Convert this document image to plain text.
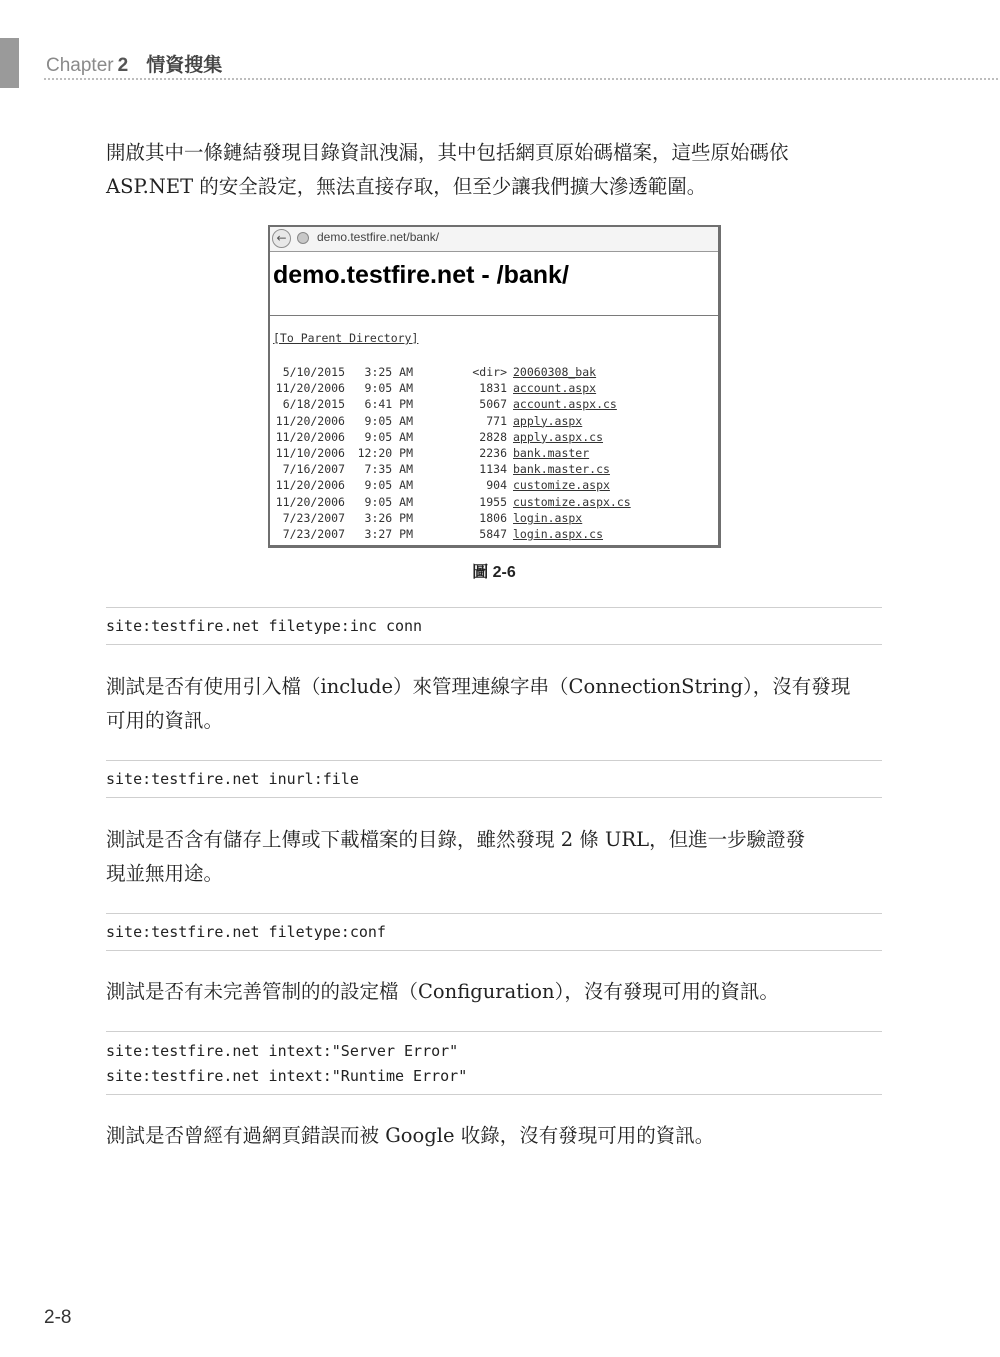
Chapter 2 情資搜集
開啟其中一條鏈結發現目錄資訊洩漏，其中包括網頁原始碼檔案，這些原始碼依
ASP.NET 的安全設定，無法直接存取，但至少讓我們擴大滲透範圍。
←	demo.testfire.net/bank/
demo.testfire.net - /bank/
[To Parent Directory]
5/10/2015	3:25 AM	<dir> 20060308_bak
11/20/2006	9:05 AM	1831 account.aspx
6/18/2015	6:41 PM	5067 account.aspx.cs
11/20/2006	9:05 AM	771 apply.aspx
11/20/2006	9:05 AM	2828 apply.aspx.cs
11/10/2006	12:20 PM	2236 bank.master
7/16/2007	7:35 AM	1134 bank.master.cs
11/20/2006	9:05 AM	904 customize.aspx
11/20/2006	9:05 AM	1955 customize.aspx.cs
7/23/2007	3:26 PM	1806 login.aspx
7/23/2007	3:27 PM	5847 login.aspx.cs
圖 2-6
site:testfire.net filetype:inc conn
測試是否有使用引入檔（include）來管理連線字串（ConnectionString），沒有發現
可用的資訊。
site:testfire.net inurl:file
測試是否含有儲存上傳或下載檔案的目錄，雖然發現 2 條 URL，但進一步驗證發
現並無用途。
site:testfire.net filetype:conf
測試是否有未完善管制的的設定檔（Configuration），沒有發現可用的資訊。
site:testfire.net intext:"Server Error"
site:testfire.net intext:"Runtime Error"
測試是否曾經有過網頁錯誤而被 Google 收錄，沒有發現可用的資訊。
2-8
